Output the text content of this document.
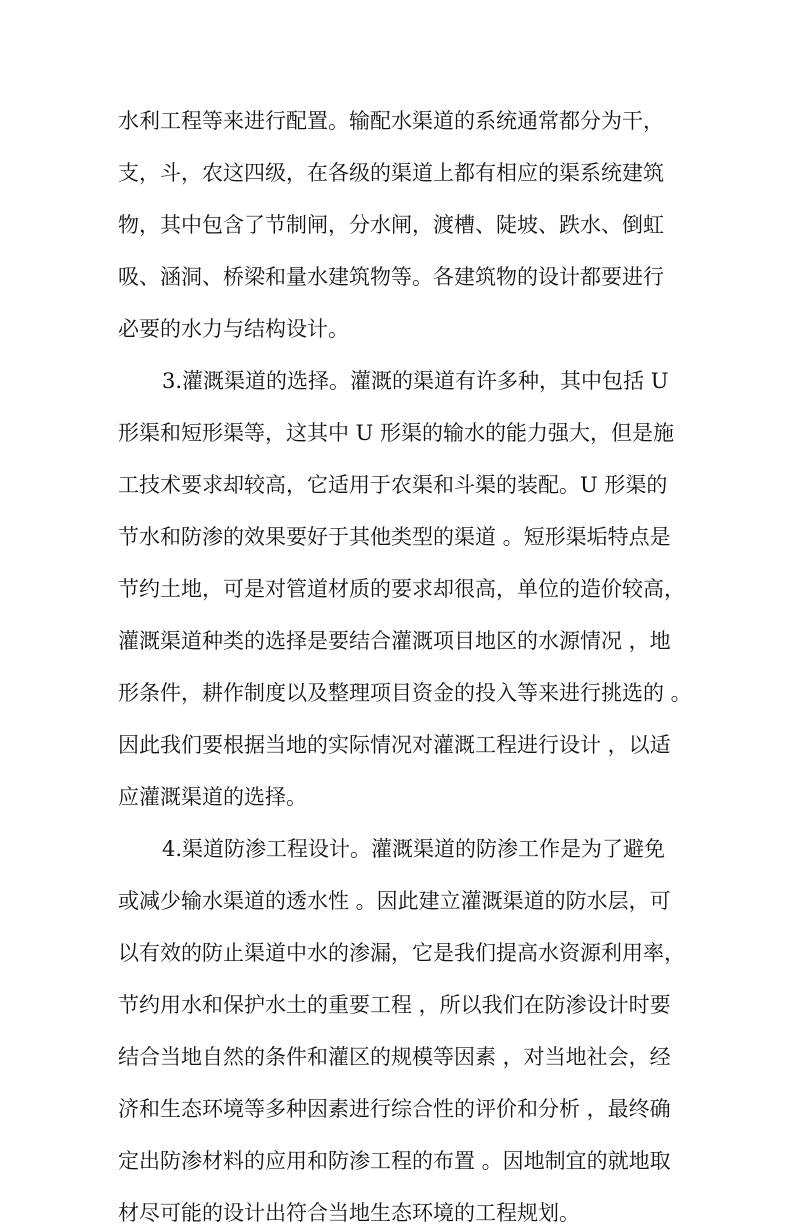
水利工程等来进行配置。输配水渠道的系统通常都分为干，
支，斗，农这四级，在各级的渠道上都有相应的渠系统建筑
物，其中包含了节制闸，分水闸，渡槽、陡坡、跌水、倒虹
吸、涵洞、桥梁和量水建筑物等。各建筑物的设计都要进行
必要的水力与结构设计。
3.灌溉渠道的选择。灌溉的渠道有许多种，其中包括 U
形渠和短形渠等，这其中 U 形渠的输水的能力强大，但是施
工技术要求却较高，它适用于农渠和斗渠的装配。U 形渠的
节水和防渗的效果要好于其他类型的渠道 。短形渠垢特点是
节约土地，可是对管道材质的要求却很高，单位的造价较高，
灌溉渠道种类的选择是要结合灌溉项目地区的水源情况 ，地
形条件，耕作制度以及整理项目资金的投入等来进行挑选的 。
因此我们要根据当地的实际情况对灌溉工程进行设计 ，以适
应灌溉渠道的选择。
4.渠道防渗工程设计。灌溉渠道的防渗工作是为了避免
或减少输水渠道的透水性 。因此建立灌溉渠道的防水层，可
以有效的防止渠道中水的渗漏，它是我们提高水资源利用率，
节约用水和保护水土的重要工程 ，所以我们在防渗设计时要
结合当地自然的条件和灌区的规模等因素 ，对当地社会，经
济和生态环境等多种因素进行综合性的评价和分析 ，最终确
定出防渗材料的应用和防渗工程的布置 。因地制宜的就地取
材尽可能的设计出符合当地生态环境的工程规划。
